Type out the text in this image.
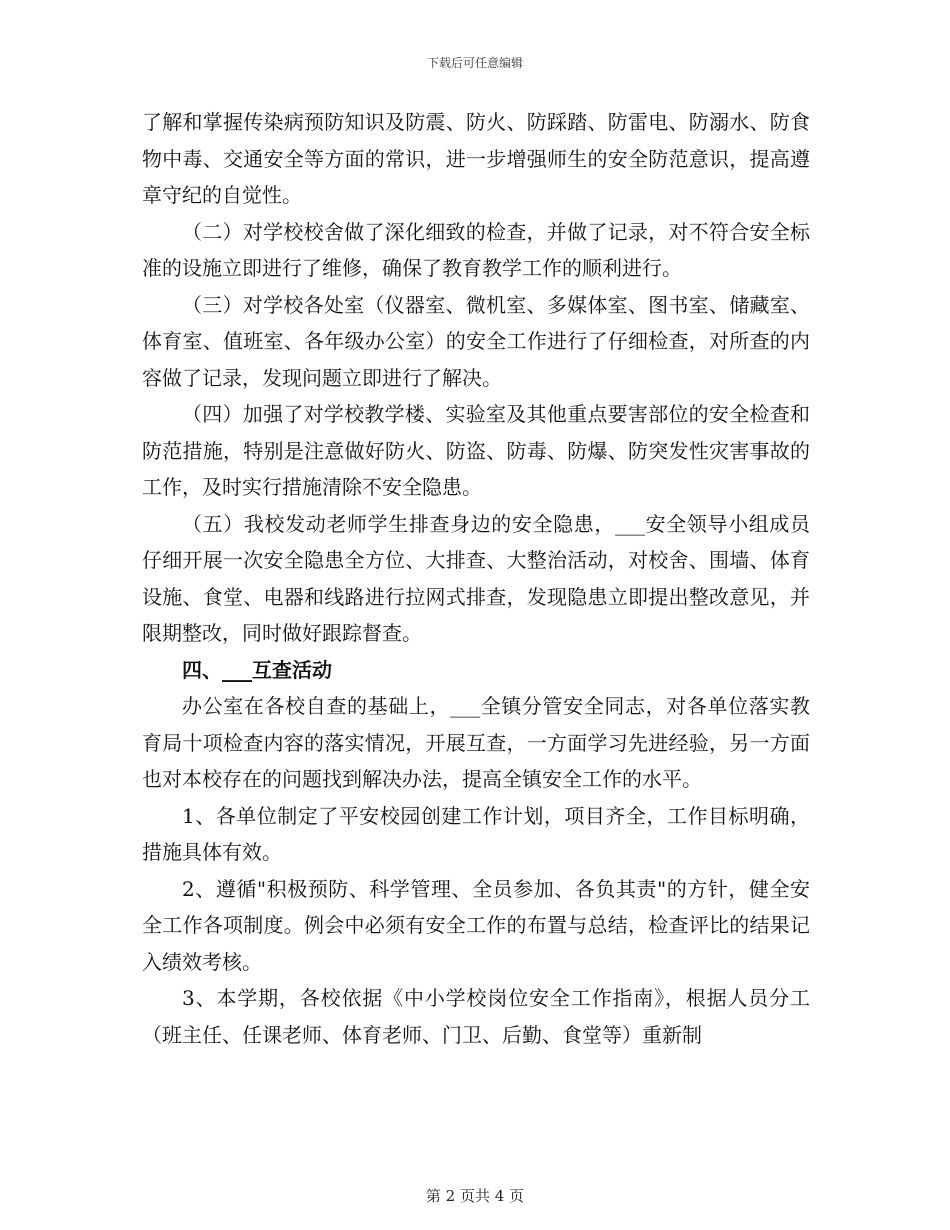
下载后可任意编辑

了解和掌握传染病预防知识及防震、防火、防踩踏、防雷电、防溺水、防食物中毒、交通安全等方面的常识，进一步增强师生的安全防范意识，提高遵章守纪的自觉性。

（二）对学校校舍做了深化细致的检查，并做了记录，对不符合安全标准的设施立即进行了维修，确保了教育教学工作的顺利进行。

（三）对学校各处室（仪器室、微机室、多媒体室、图书室、储藏室、体育室、值班室、各年级办公室）的安全工作进行了仔细检查，对所查的内容做了记录，发现问题立即进行了解决。

（四）加强了对学校教学楼、实验室及其他重点要害部位的安全检查和防范措施，特别是注意做好防火、防盗、防毒、防爆、防突发性灾害事故的工作，及时实行措施清除不安全隐患。

（五）我校发动老师学生排查身边的安全隐患，___安全领导小组成员仔细开展一次安全隐患全方位、大排查、大整治活动，对校舍、围墙、体育设施、食堂、电器和线路进行拉网式排查，发现隐患立即提出整改意见，并限期整改，同时做好跟踪督查。

四、___互查活动

办公室在各校自查的基础上，___全镇分管安全同志，对各单位落实教育局十项检查内容的落实情况，开展互查，一方面学习先进经验，另一方面也对本校存在的问题找到解决办法，提高全镇安全工作的水平。

1、各单位制定了平安校园创建工作计划，项目齐全，工作目标明确，措施具体有效。

2、遵循"积极预防、科学管理、全员参加、各负其责"的方针，健全安全工作各项制度。例会中必须有安全工作的布置与总结，检查评比的结果记入绩效考核。

3、本学期，各校依据《中小学校岗位安全工作指南》，根据人员分工（班主任、任课老师、体育老师、门卫、后勤、食堂等）重新制

第 2 页共 4 页
